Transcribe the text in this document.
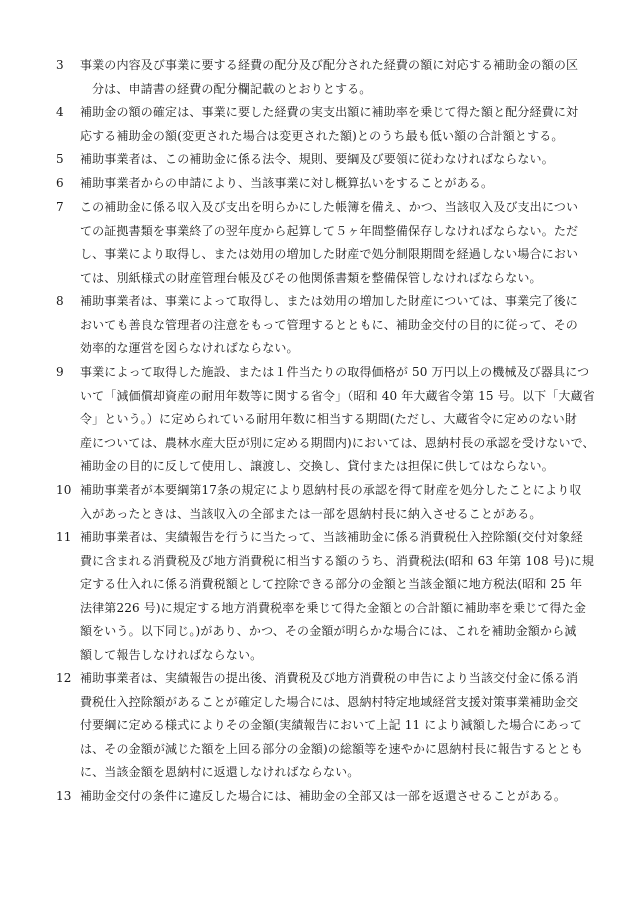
3	事業の内容及び事業に要する経費の配分及び配分された経費の額に対応する補助金の額の区
分は、申請書の経費の配分欄記載のとおりとする。
4	補助金の額の確定は、事業に要した経費の実支出額に補助率を乗じて得た額と配分経費に対
応する補助金の額(変更された場合は変更された額)とのうち最も低い額の合計額とする。
5	補助事業者は、この補助金に係る法令、規則、要綱及び要領に従わなければならない。
6	補助事業者からの申請により、当該事業に対し概算払いをすることがある。
7	この補助金に係る収入及び支出を明らかにした帳簿を備え、かつ、当該収入及び支出につい
ての証拠書類を事業終了の翌年度から起算して５ヶ年間整備保存しなければならない。ただ
し、事業により取得し、または効用の増加した財産で処分制限期間を経過しない場合におい
ては、別紙様式の財産管理台帳及びその他関係書類を整備保管しなければならない。
8	補助事業者は、事業によって取得し、または効用の増加した財産については、事業完了後に
おいても善良な管理者の注意をもって管理するとともに、補助金交付の目的に従って、その
効率的な運営を図らなければならない。
9	事業によって取得した施設、または１件当たりの取得価格が 50 万円以上の機械及び器具につ
いて「減価償却資産の耐用年数等に関する省令」（昭和 40 年大蔵省令第 15 号。以下「大蔵省
令」という。）に定められている耐用年数に相当する期間(ただし、大蔵省令に定めのない財
産については、農林水産大臣が別に定める期間内)においては、恩納村長の承認を受けないで、
補助金の目的に反して使用し、譲渡し、交換し、貸付または担保に供してはならない。
10 補助事業者が本要綱第17条の規定により恩納村長の承認を得て財産を処分したことにより収
入があったときは、当該収入の全部または一部を恩納村長に納入させることがある。
11 補助事業者は、実績報告を行うに当たって、当該補助金に係る消費税仕入控除額(交付対象経
費に含まれる消費税及び地方消費税に相当する額のうち、消費税法(昭和 63 年第 108 号)に規
定する仕入れに係る消費税額として控除できる部分の金額と当該金額に地方税法(昭和 25 年
法律第226 号)に規定する地方消費税率を乗じて得た金額との合計額に補助率を乗じて得た金
額をいう。以下同じ。)があり、かつ、その金額が明らかな場合には、これを補助金額から減
額して報告しなければならない。
12 補助事業者は、実績報告の提出後、消費税及び地方消費税の申告により当該交付金に係る消
費税仕入控除額があることが確定した場合には、恩納村特定地域経営支援対策事業補助金交
付要綱に定める様式によりその金額(実績報告において上記 11 により減額した場合にあって
は、その金額が減じた額を上回る部分の金額)の総額等を速やかに恩納村長に報告するととも
に、当該金額を恩納村に返還しなければならない。
13 補助金交付の条件に違反した場合には、補助金の全部又は一部を返還させることがある。
